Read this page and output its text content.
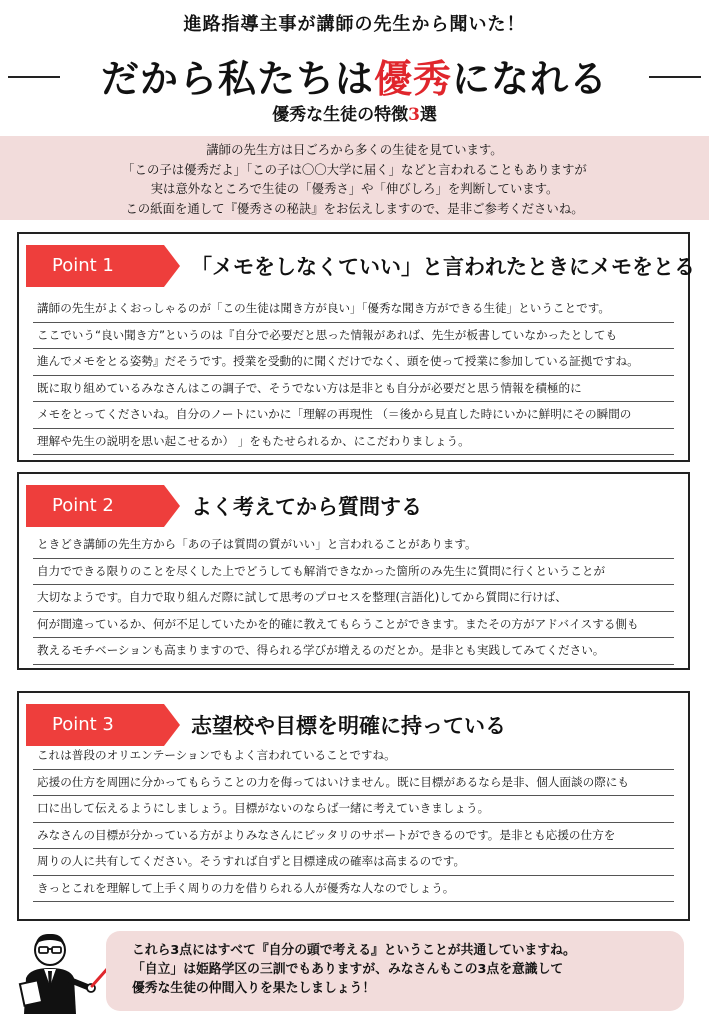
進路指導主事が講師の先生から聞いた！
だから私たちは優秀になれる
優秀な生徒の特徴3選
講師の先生方は日ごろから多くの生徒を見ています。
「この子は優秀だよ」「この子は〇〇大学に届く」などと言われることもありますが
実は意外なところで生徒の「優秀さ」や「伸びしろ」を判断しています。
この紙面を通して『優秀さの秘訣』をお伝えしますので、是非ご参考くださいね。
Point 1	「メモをしなくていい」と言われたときにメモをとる
講師の先生がよくおっしゃるのが「この生徒は聞き方が良い」「優秀な聞き方ができる生徒」ということです。
ここでいう“良い聞き方”というのは『自分で必要だと思った情報があれば、先生が板書していなかったとしても
進んでメモをとる姿勢』だそうです。授業を受動的に聞くだけでなく、頭を使って授業に参加している証拠ですね。
既に取り組めているみなさんはこの調子で、そうでない方は是非とも自分が必要だと思う情報を積極的に
メモをとってくださいね。自分のノートにいかに「理解の再現性 （＝後から見直した時にいかに鮮明にその瞬間の
理解や先生の説明を思い起こせるか） 」をもたせられるか、にこだわりましょう。
Point 2	よく考えてから質問する
ときどき講師の先生方から「あの子は質問の質がいい」と言われることがあります。
自力でできる限りのことを尽くした上でどうしても解消できなかった箇所のみ先生に質問に行くということが
大切なようです。自力で取り組んだ際に試して思考のプロセスを整理(言語化)してから質問に行けば、
何が間違っているか、何が不足していたかを的確に教えてもらうことができます。またその方がアドバイスする側も
教えるモチベーションも高まりますので、得られる学びが増えるのだとか。是非とも実践してみてください。
Point 3	志望校や目標を明確に持っている
これは普段のオリエンテーションでもよく言われていることですね。
応援の仕方を周囲に分かってもらうことの力を侮ってはいけません。既に目標があるなら是非、個人面談の際にも
口に出して伝えるようにしましょう。目標がないのならば一緒に考えていきましょう。
みなさんの目標が分かっている方がよりみなさんにピッタリのサポートができるのです。是非とも応援の仕方を
周りの人に共有してください。そうすれば自ずと目標達成の確率は高まるのです。
きっとこれを理解して上手く周りの力を借りられる人が優秀な人なのでしょう。
これら3点にはすべて『自分の頭で考える』ということが共通していますね。
「自立」は姫路学区の三訓でもありますが、みなさんもこの3点を意識して
優秀な生徒の仲間入りを果たしましょう！
